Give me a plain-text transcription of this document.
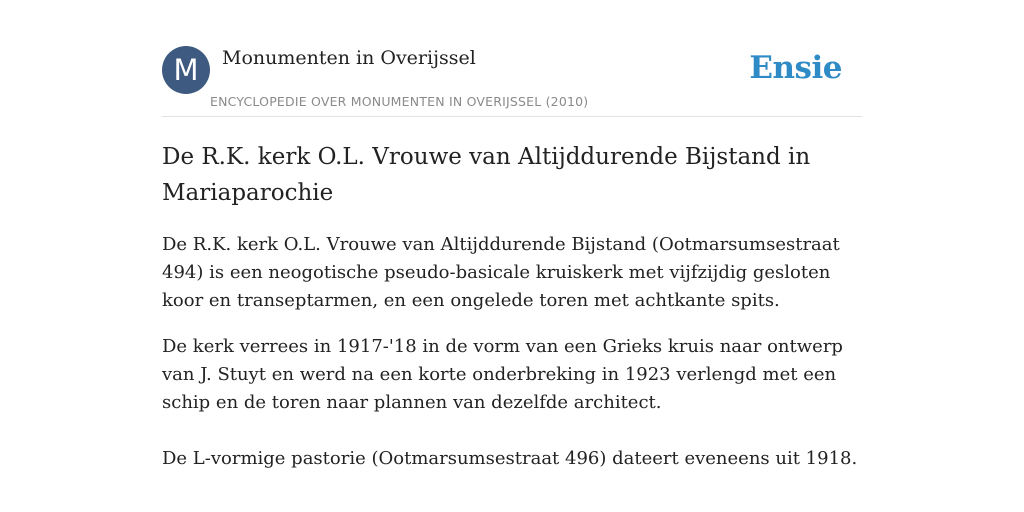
M	Monumenten in Overijssel
ENCYCLOPEDIE OVER MONUMENTEN IN OVERIJSSEL (2010)
Ensie
De R.K. kerk O.L. Vrouwe van Altijddurende Bijstand in Mariaparochie

De R.K. kerk O.L. Vrouwe van Altijddurende Bijstand (Ootmarsumsestraat 494) is een neogotische pseudo-basicale kruiskerk met vijfzijdig gesloten koor en transeptarmen, en een ongelede toren met achtkante spits.

De kerk verrees in 1917-'18 in de vorm van een Grieks kruis naar ontwerp van J. Stuyt en werd na een korte onderbreking in 1923 verlengd met een schip en de toren naar plannen van dezelfde architect.

De L-vormige pastorie (Ootmarsumsestraat 496) dateert eveneens uit 1918.
